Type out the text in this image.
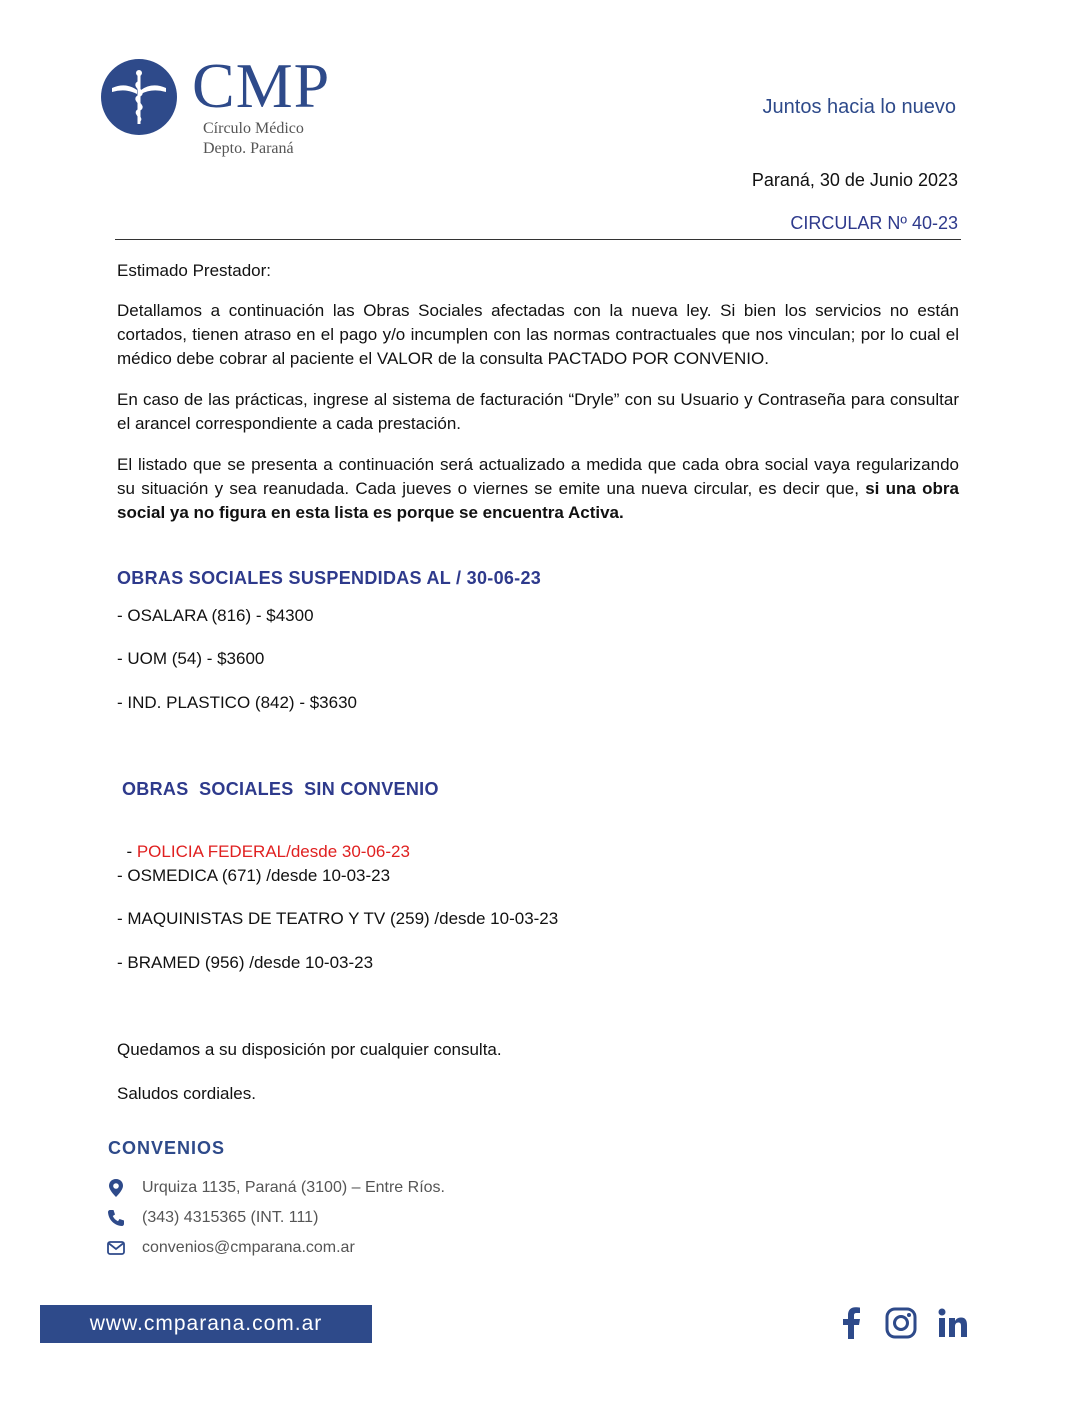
CMP
Círculo Médico
Depto. Paraná
Juntos hacia lo nuevo
Paraná, 30 de Junio 2023
CIRCULAR Nº 40-23
Estimado Prestador:
Detallamos a continuación las Obras Sociales afectadas con la nueva ley. Si bien los servicios no están cortados, tienen atraso en el pago y/o incumplen con las normas contractuales que nos vinculan; por lo cual el médico debe cobrar al paciente el VALOR de la consulta PACTADO POR CONVENIO.
En caso de las prácticas, ingrese al sistema de facturación “Dryle” con su Usuario y Contraseña para consultar el arancel correspondiente a cada prestación.
El listado que se presenta a continuación será actualizado a medida que cada obra social vaya regularizando su situación y sea reanudada. Cada jueves o viernes se emite una nueva circular, es decir que, si una obra social ya no figura en esta lista es porque se encuentra Activa.
OBRAS SOCIALES SUSPENDIDAS AL / 30-06-23
- OSALARA (816) - $4300
- UOM (54) - $3600
- IND. PLASTICO (842) - $3630
OBRAS  SOCIALES  SIN CONVENIO

- POLICIA FEDERAL/desde 30-06-23

- OSMEDICA (671) /desde 10-03-23
- MAQUINISTAS DE TEATRO Y TV (259) /desde 10-03-23
- BRAMED (956) /desde 10-03-23
Quedamos a su disposición por cualquier consulta.
Saludos cordiales.
CONVENIOS
Urquiza 1135, Paraná (3100) – Entre Ríos.
(343) 4315365 (INT. 111)
convenios@cmparana.com.ar
www.cmparana.com.ar
